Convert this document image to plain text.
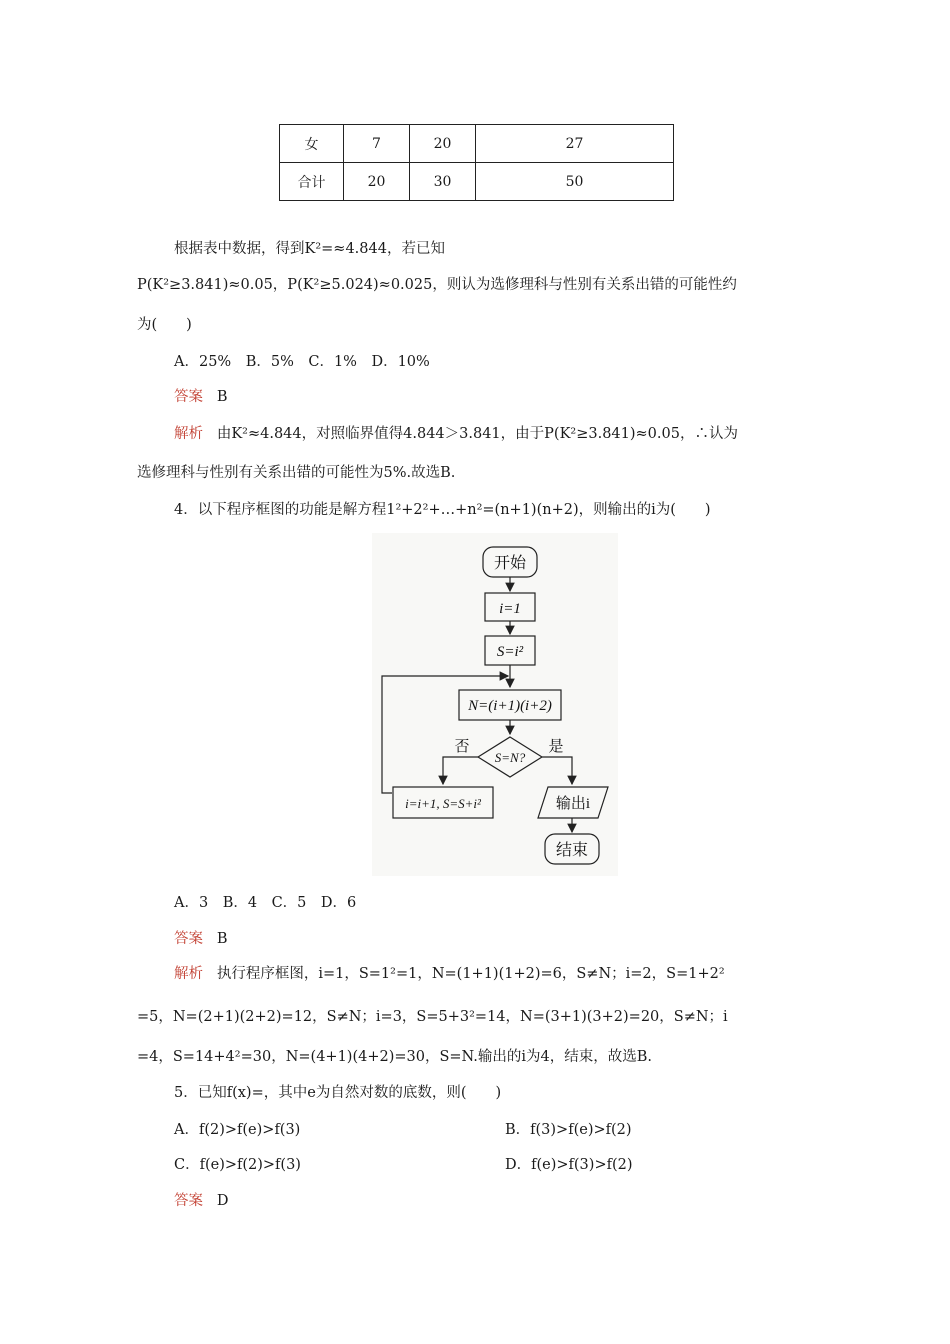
女	7	20	27
合计	20	30	50
根据表中数据，得到K²=≈4.844，若已知
P(K²≥3.841)≈0.05，P(K²≥5.024)≈0.025，则认为选修理科与性别有关系出错的可能性约
为(　　)
A．25%　B．5%　C．1%　D．10%
答案 B
解析 由K²≈4.844，对照临界值得4.844＞3.841，由于P(K²≥3.841)≈0.05，∴认为
选修理科与性别有关系出错的可能性为5%.故选B.
4．以下程序框图的功能是解方程1²+2²+…+n²=(n+1)(n+2)，则输出的i为(　　)
开始
i=1
S=i²
N=(i+1)(i+2)
S=N?
否	是
i=i+1, S=S+i²	输出i
结束
A．3　B．4　C．5　D．6
答案 B
解析 执行程序框图，i=1，S=1²=1，N=(1+1)(1+2)=6，S≠N；i=2，S=1+2²
=5，N=(2+1)(2+2)=12，S≠N；i=3，S=5+3²=14，N=(3+1)(3+2)=20，S≠N；i
=4，S=14+4²=30，N=(4+1)(4+2)=30，S=N.输出的i为4，结束，故选B.
5．已知f(x)=，其中e为自然对数的底数，则(　　)
A．f(2)>f(e)>f(3)	B．f(3)>f(e)>f(2)
C．f(e)>f(2)>f(3)	D．f(e)>f(3)>f(2)
答案 D
